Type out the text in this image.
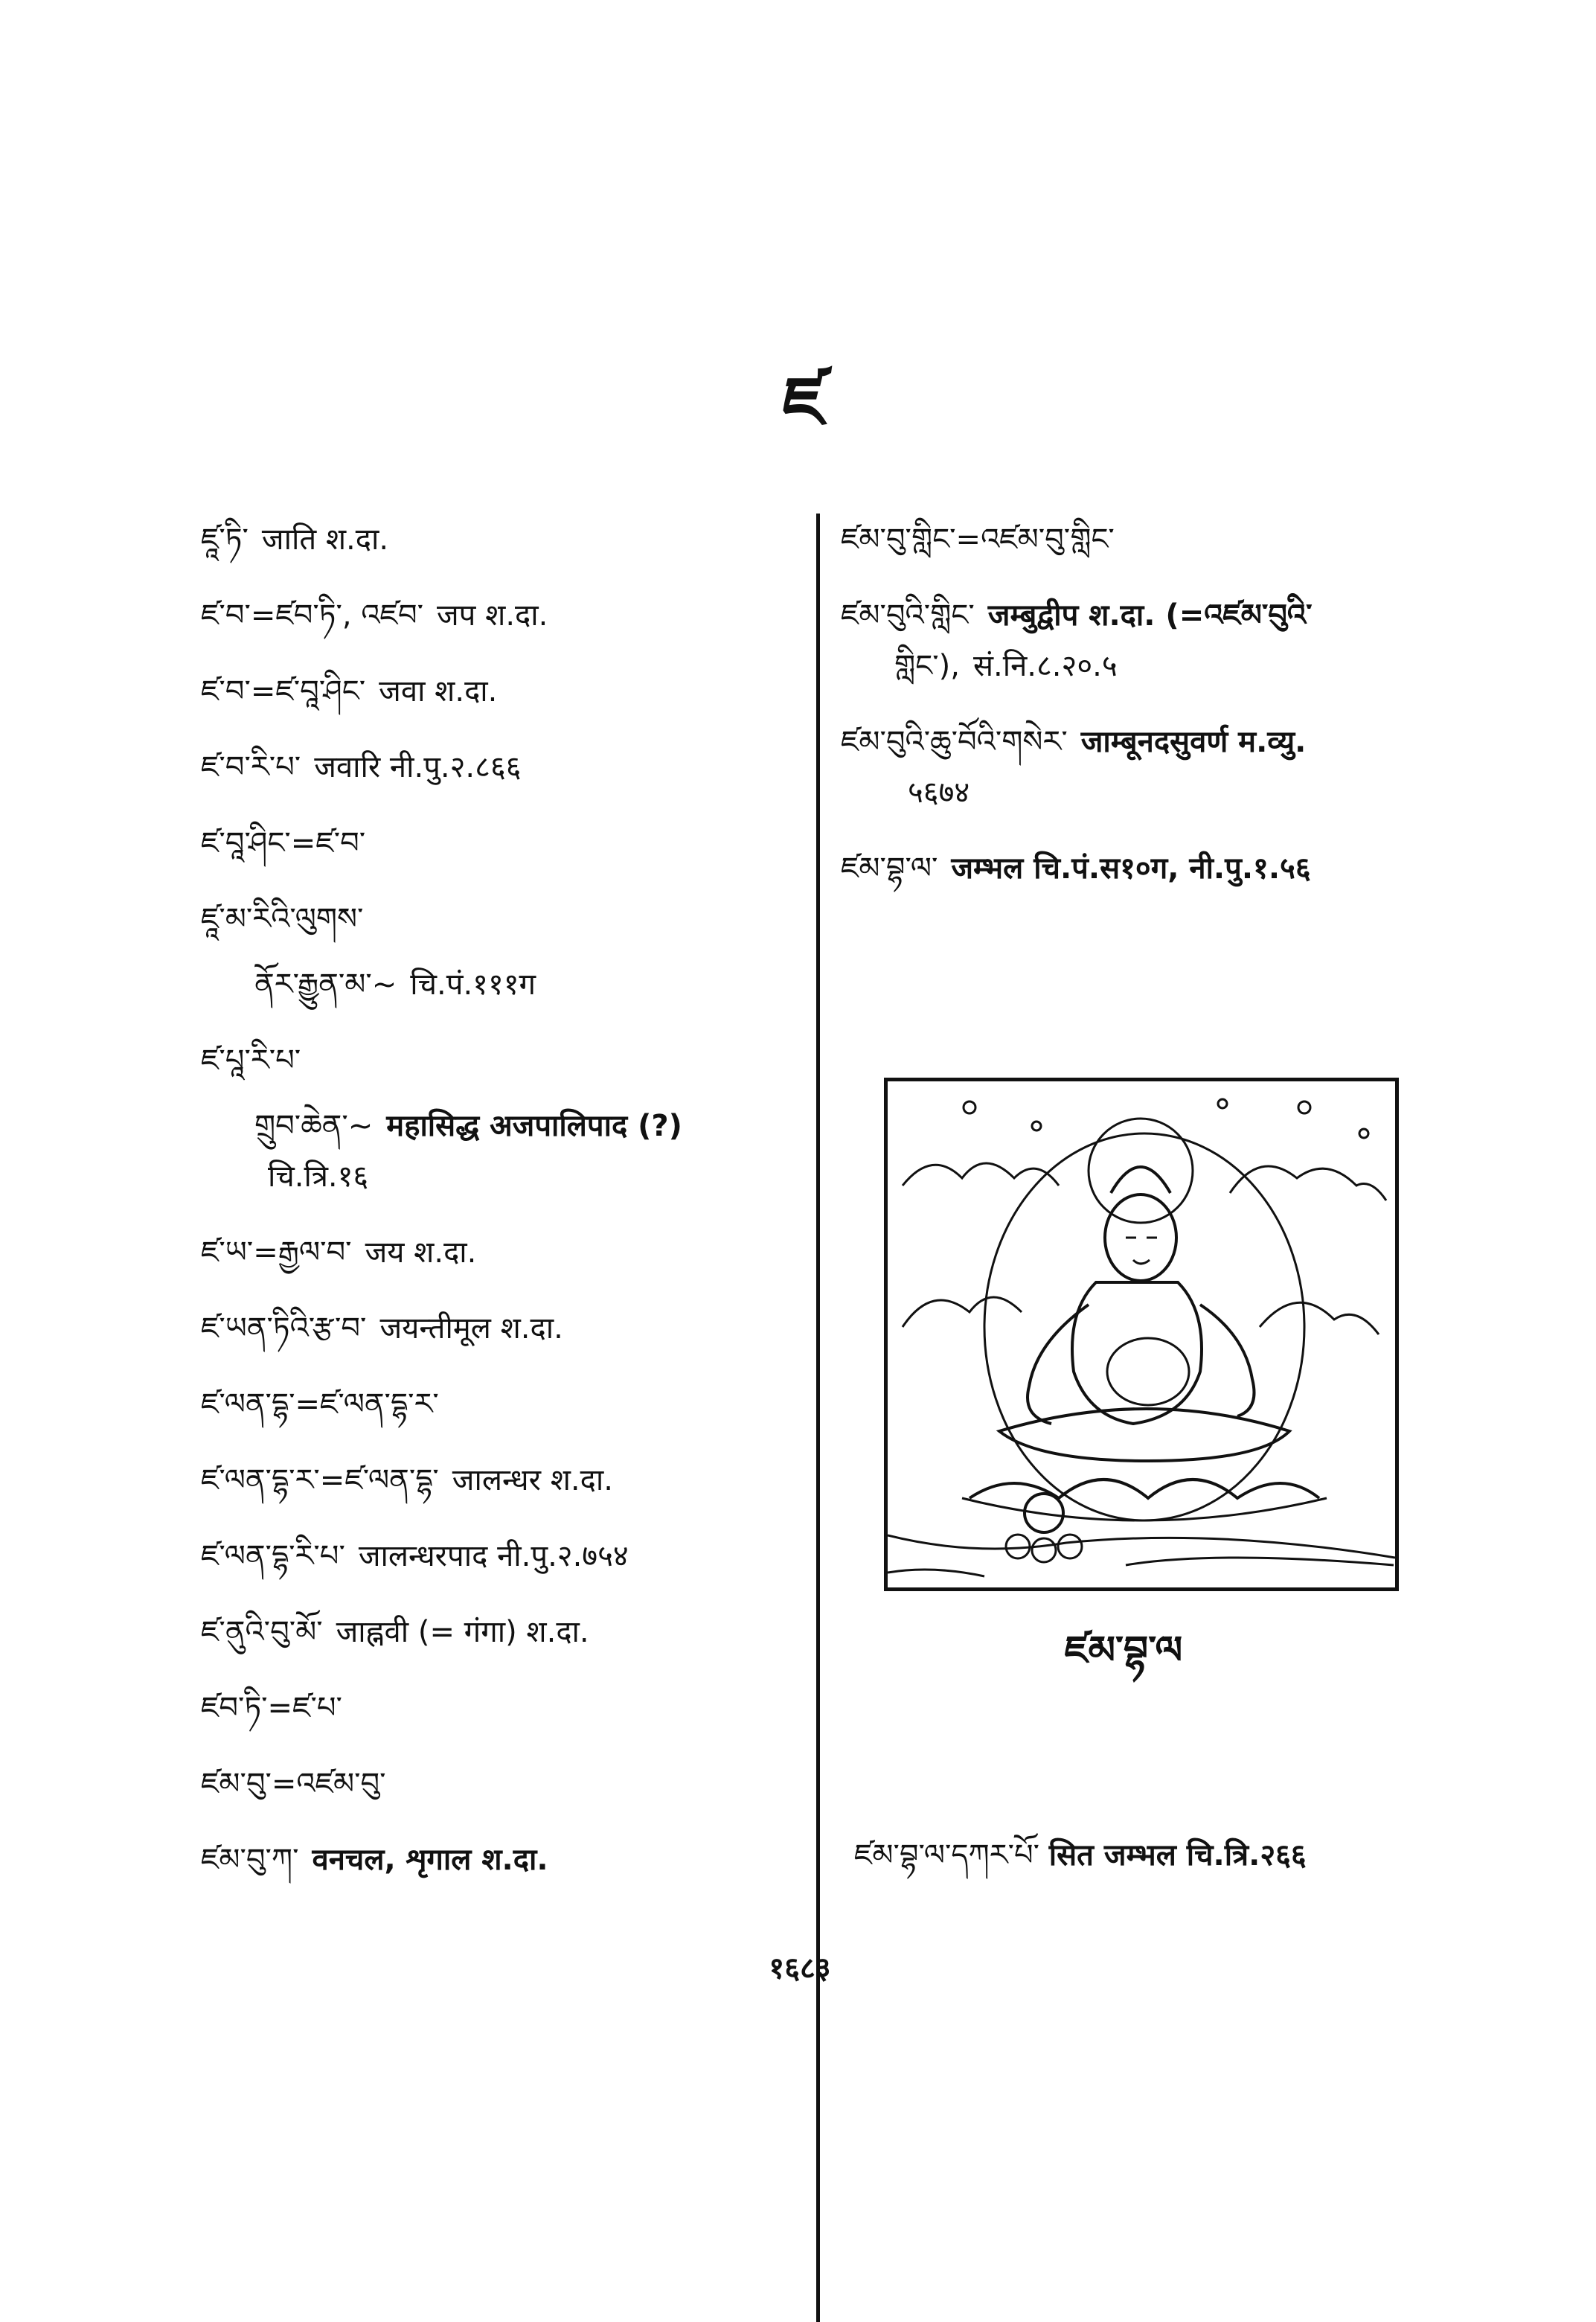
ཛ
ཛཱ་ཏི་ जाति श.दा.
ཛ་བ་=ཛབ་ཏི་, འཛབ་ जप श.दा.
ཛ་བ་=ཛ་བཱ་ཤིང་ जवा श.दा.
ཛ་བ་རི་པ་ जवारि नी.पु.२.८६६
ཛ་བཱ་ཤིང་=ཛ་བ་
ཛཱ་མ་རིའི་ལུགས་
ནོར་རྒྱུན་མ་~ चि.पं.१११ग
ཛ་པཱ་རི་པ་
གྲུབ་ཆེན་~ महासिद्ध अजपालिपाद (?)
चि.त्रि.१६
ཛ་ཡ་=རྒྱལ་བ་ जय श.दा.
ཛ་ཡན་ཏིའི་རྩ་བ་ जयन्तीमूल श.दा.
ཛ་ལན་དྷ་=ཛ་ལན་དྷ་ར་
ཛ་ལན་དྷ་ར་=ཛ་ལན་དྷ་ जालन्धर श.दा.
ཛ་ལན་དྷ་རི་པ་ जालन्धरपाद नी.पु.२.७५४
ཛ་ནུའི་བུ་མོ་ जाह्नवी (= गंगा) श.दा.
ཛབ་ཏི་=ཛ་པ་
ཛམ་བུ་=འཛམ་བུ་
ཛམ་བུ་ཀ་ वनचल, शृगाल श.दा.
ཛམ་བུ་གླིང་=འཛམ་བུ་གླིང་
ཛམ་བུའི་གླིང་ जम्बुद्वीप श.दा. (=འཛམ་བུའི་
གླིང་), सं.नि.८.२०.५
ཛམ་བུའི་ཆུ་བོའི་གསེར་ जाम्बूनदसुवर्ण म.व्यु.
५६७४
ཛམ་བྷ་ལ་ जम्भल चि.पं.स१०ग, नी.पु.१.५६
ཛམ་བྷ་ལ
ཛམ་བྷ་ལ་དཀར་པོ་ सित जम्भल चि.त्रि.२६६
१६८३
